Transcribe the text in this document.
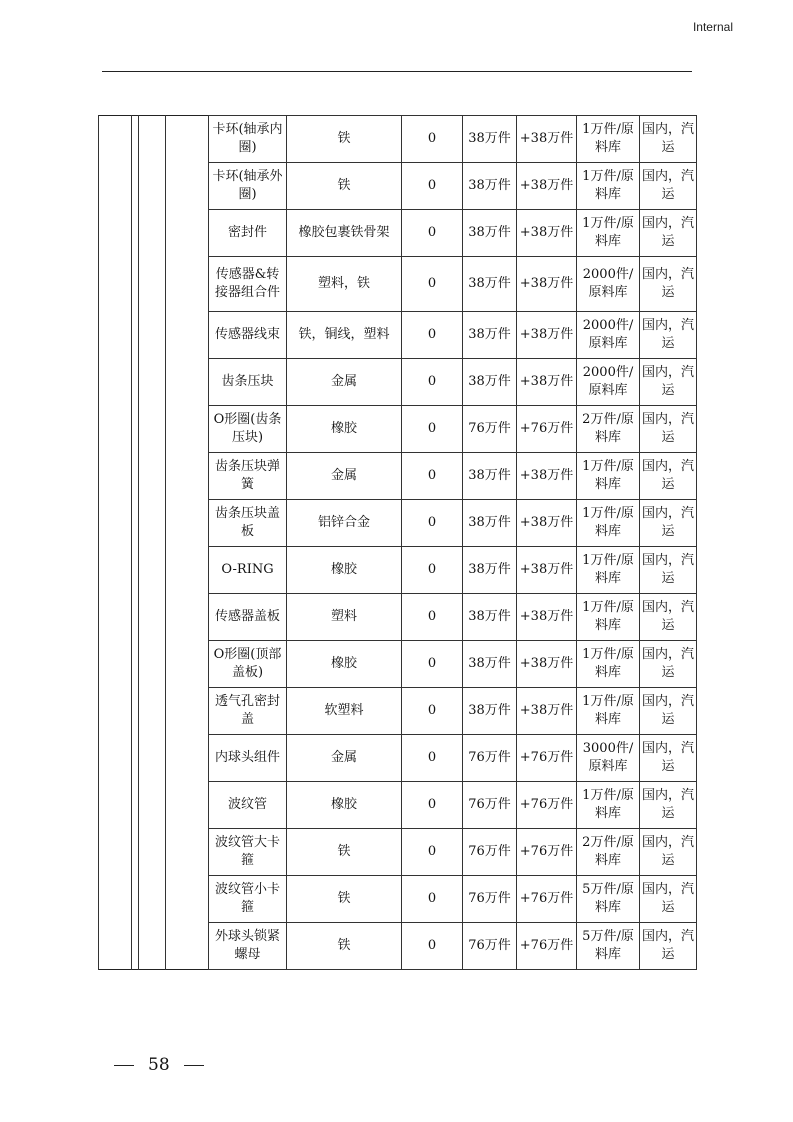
Internal
				卡环(轴承内圈)	铁	0	38万件	+38万件	1万件/原料库	国内，汽运
				卡环(轴承外圈)	铁	0	38万件	+38万件	1万件/原料库	国内，汽运
				密封件	橡胶包裹铁骨架	0	38万件	+38万件	1万件/原料库	国内，汽运
				传感器&转接器组合件	塑料，铁	0	38万件	+38万件	2000件/原料库	国内，汽运
				传感器线束	铁，铜线，塑料	0	38万件	+38万件	2000件/原料库	国内，汽运
				齿条压块	金属	0	38万件	+38万件	2000件/原料库	国内，汽运
				O形圈(齿条压块)	橡胶	0	76万件	+76万件	2万件/原料库	国内，汽运
				齿条压块弹簧	金属	0	38万件	+38万件	1万件/原料库	国内，汽运
				齿条压块盖板	铝锌合金	0	38万件	+38万件	1万件/原料库	国内，汽运
				O-RING	橡胶	0	38万件	+38万件	1万件/原料库	国内，汽运
				传感器盖板	塑料	0	38万件	+38万件	1万件/原料库	国内，汽运
				O形圈(顶部盖板)	橡胶	0	38万件	+38万件	1万件/原料库	国内，汽运
				透气孔密封盖	软塑料	0	38万件	+38万件	1万件/原料库	国内，汽运
				内球头组件	金属	0	76万件	+76万件	3000件/原料库	国内，汽运
				波纹管	橡胶	0	76万件	+76万件	1万件/原料库	国内，汽运
				波纹管大卡箍	铁	0	76万件	+76万件	2万件/原料库	国内，汽运
				波纹管小卡箍	铁	0	76万件	+76万件	5万件/原料库	国内，汽运
				外球头锁紧螺母	铁	0	76万件	+76万件	5万件/原料库	国内，汽运
58
